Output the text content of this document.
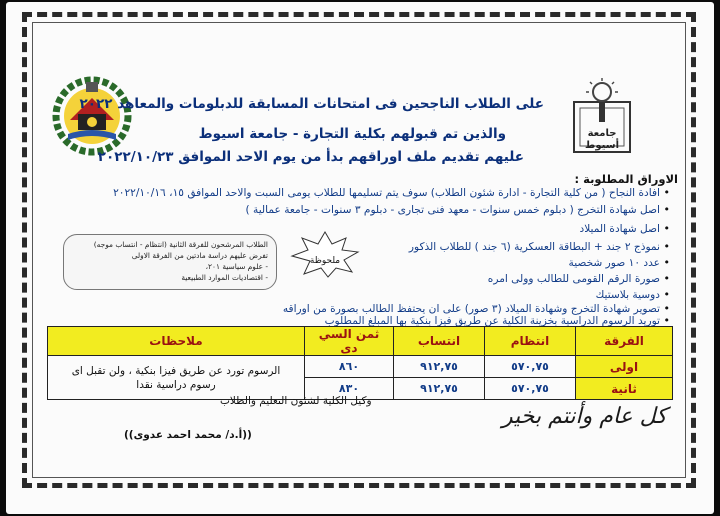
جامعة
أسيوط
على الطلاب الناجحين فى امتحانات المسابقة للدبلومات والمعاهد ٢٠٢٢
والذين تم قبولهم بكلية التجارة - جامعة اسيوط
عليهم تقديم ملف اوراقهم بدأ من يوم الاحد الموافق ٢٠٢٢/١٠/٢٣
الاوراق المطلوبة :
• افادة النجاح ( من كلية التجارة - ادارة شئون الطلاب) سوف يتم تسليمها للطلاب يومى السبت والاحد الموافق ١٥، ٢٠٢٢/١٠/١٦
• اصل شهادة التخرج ( دبلوم خمس سنوات - معهد فنى تجارى - دبلوم ٣ سنوات - جامعة عمالية )
• اصل شهادة الميلاد
• نموذج ٢ جند + البطاقة العسكرية (٦ جند ) للطلاب الذكور
• عدد ١٠ صور شخصية
• صورة الرقم القومى للطالب وولى امره
• دوسية بلاستيك
• تصوير شهادة التخرج وشهادة الميلاد (٣ صور) على ان يحتفظ الطالب بصورة من اوراقه
• توريد الرسوم الدراسية بخزينة الكلية عن طريق فيزا بنكية بها المبلغ المطلوب
الطلاب المرشحون للفرقة الثانية (انتظام - انتساب موجه)
تفرض عليهم دراسة مادتين من الفرقة الاولى
- علوم سياسية ٢٠١،
- اقتصاديات الموارد الطبيعية
ملحوظة
الفرقة	انتظام	انتساب	ثمن السي دى	ملاحظات
اولى	٥٧٠,٧٥	٩١٢,٧٥	٨٦٠	الرسوم تورد عن طريق فيزا بنكية ، ولن تقبل اى
رسوم دراسية نقدا

ثانية	٥٧٠,٧٥	٩١٢,٧٥	٨٣٠	
وكيل الكلية لشئون التعليم والطلاب
((أ.د/ محمد احمد عدوى))
كل عام وأنتم بخير
